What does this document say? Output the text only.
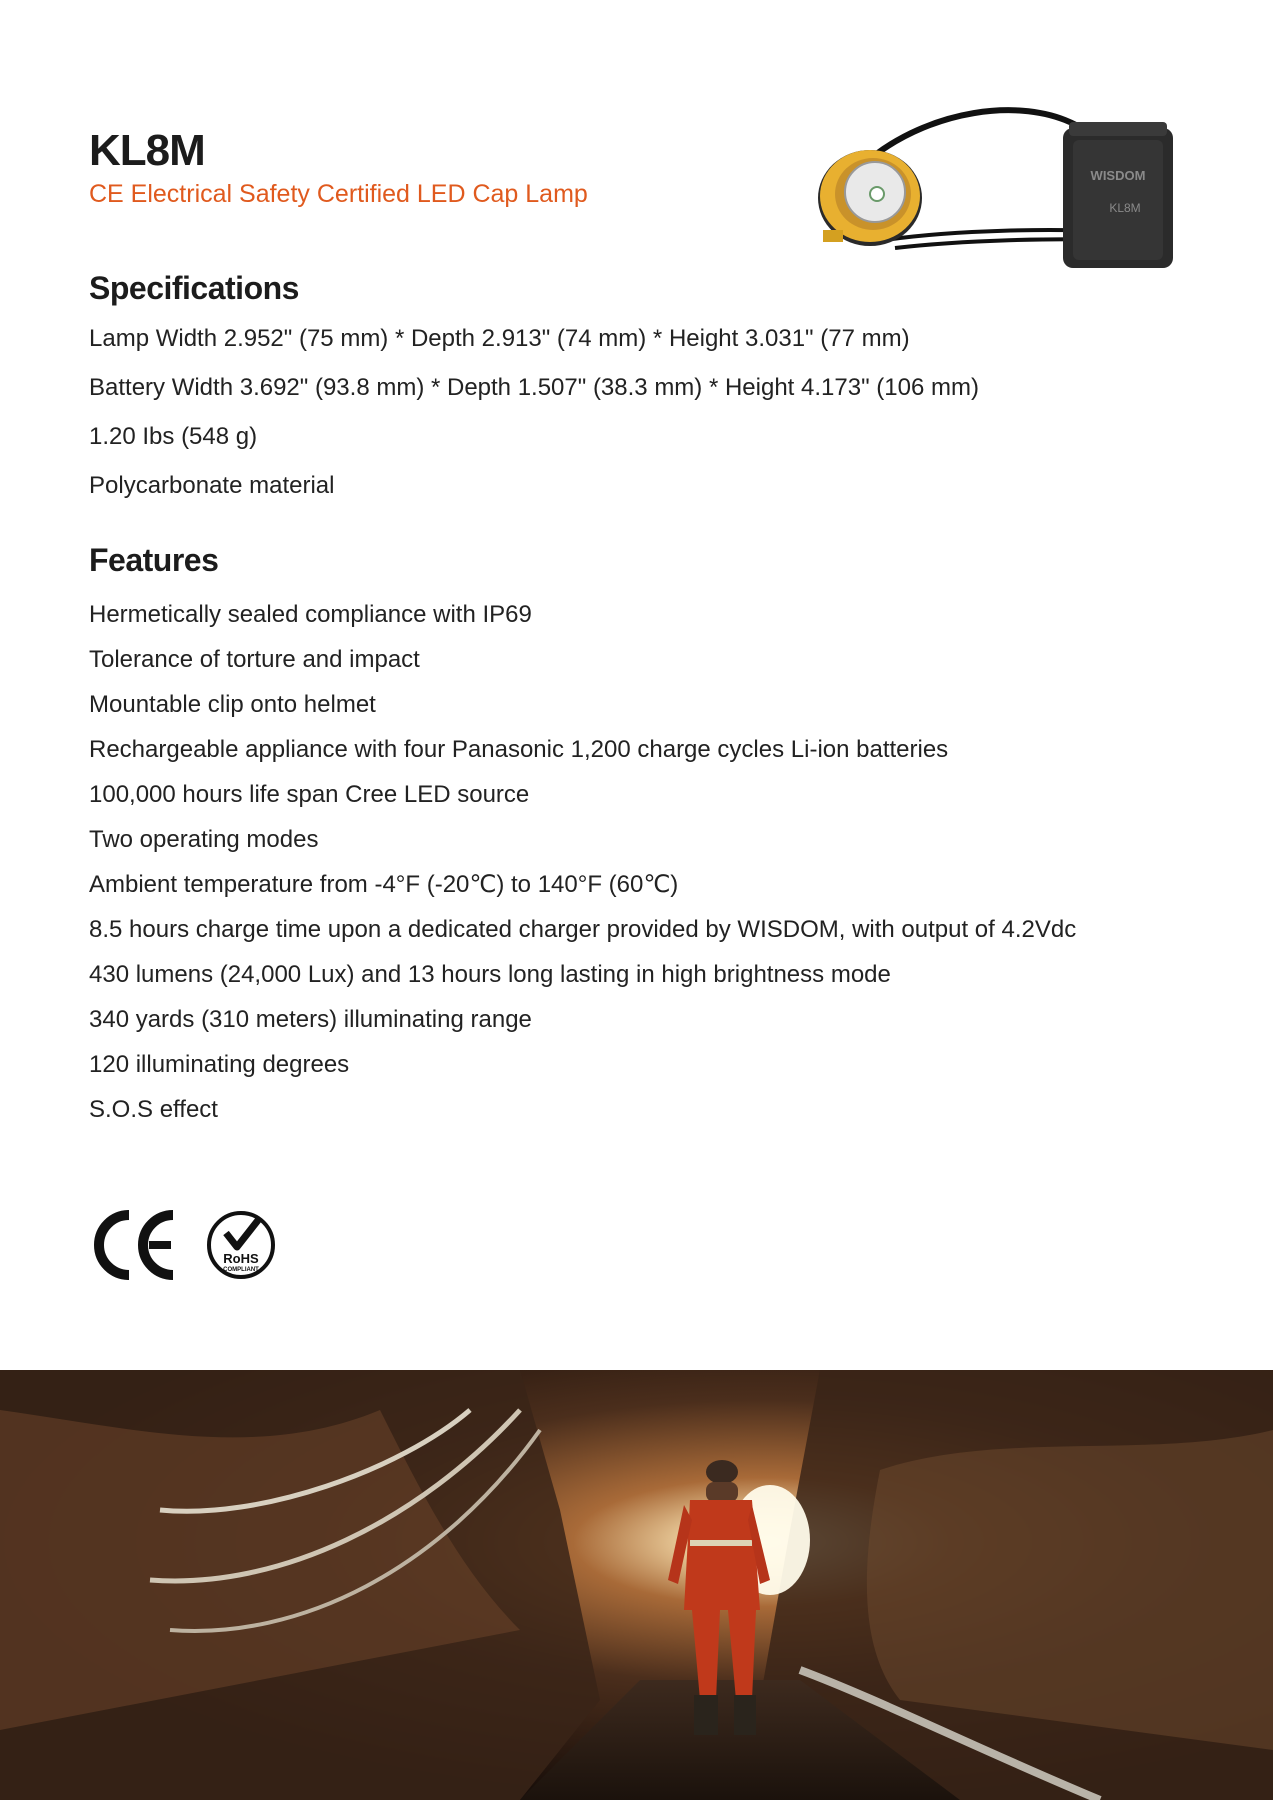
KL8M
CE Electrical Safety Certified LED Cap Lamp
WISDOM
KL8M
Specifications
Lamp Width 2.952" (75 mm) * Depth 2.913" (74 mm) * Height 3.031" (77 mm)
Battery Width 3.692" (93.8 mm) * Depth 1.507" (38.3 mm) * Height 4.173" (106 mm)
1.20 Ibs (548 g)
Polycarbonate material
Features
Hermetically sealed compliance with IP69
Tolerance of torture and impact
Mountable clip onto helmet
Rechargeable appliance with four Panasonic 1,200 charge cycles Li-ion batteries
100,000 hours life span Cree LED source
Two operating modes
Ambient temperature from -4°F (-20℃) to 140°F (60℃)
8.5 hours charge time upon a dedicated charger provided by WISDOM, with output of 4.2Vdc
430 lumens (24,000 Lux) and 13 hours long lasting in high brightness mode
340 yards (310 meters) illuminating range
120 illuminating degrees
S.O.S effect
RoHS
COMPLIANT
